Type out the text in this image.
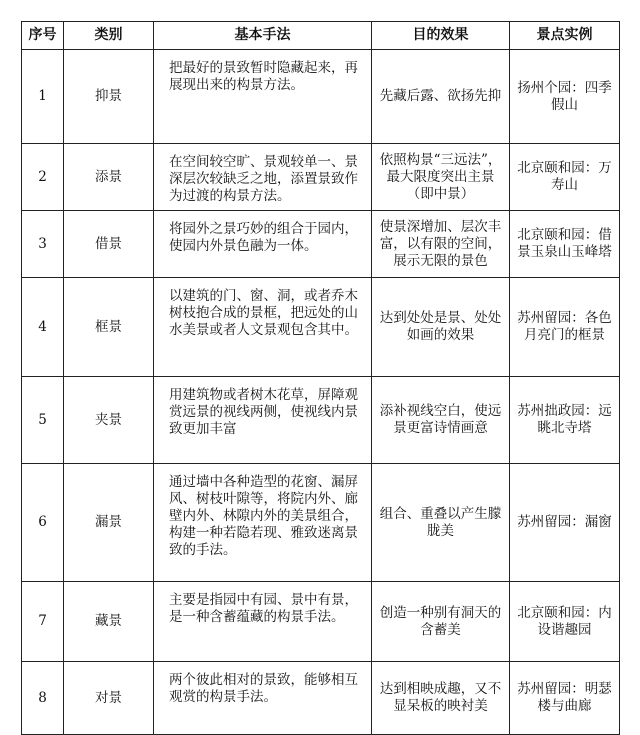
序号	类别	基本手法	目的效果	景点实例
1	抑景	把最好的景致暂时隐藏起来，再展现出来的构景方法。	先藏后露、欲扬先抑	扬州个园：四季假山
2	添景	在空间较空旷、景观较单一、景深层次较缺乏之地，添置景致作为过渡的构景方法。	依照构景“三远法”，最大限度突出主景（即中景）	北京颐和园：万寿山
3	借景	将园外之景巧妙的组合于园内，使园内外景色融为一体。	使景深增加、层次丰富，以有限的空间，展示无限的景色	北京颐和园：借景玉泉山玉峰塔
4	框景	以建筑的门、窗、洞，或者乔木树枝抱合成的景框，把远处的山水美景或者人文景观包含其中。	达到处处是景、处处如画的效果	苏州留园：各色月亮门的框景
5	夹景	用建筑物或者树木花草，屏障观赏远景的视线两侧，使视线内景致更加丰富	添补视线空白，使远景更富诗情画意	苏州拙政园：远眺北寺塔
6	漏景	通过墙中各种造型的花窗、漏屏风、树枝叶隙等，将院内外、廊壁内外、林隙内外的美景组合，构建一种若隐若现、雅致迷离景致的手法。	组合、重叠以产生朦胧美	苏州留园：漏窗
7	藏景	主要是指园中有园、景中有景，是一种含蓄蕴藏的构景手法。	创造一种别有洞天的含蓄美	北京颐和园：内设谐趣园
8	对景	两个彼此相对的景致，能够相互观赏的构景手法。	达到相映成趣，又不显呆板的映衬美	苏州留园：明瑟楼与曲廊
